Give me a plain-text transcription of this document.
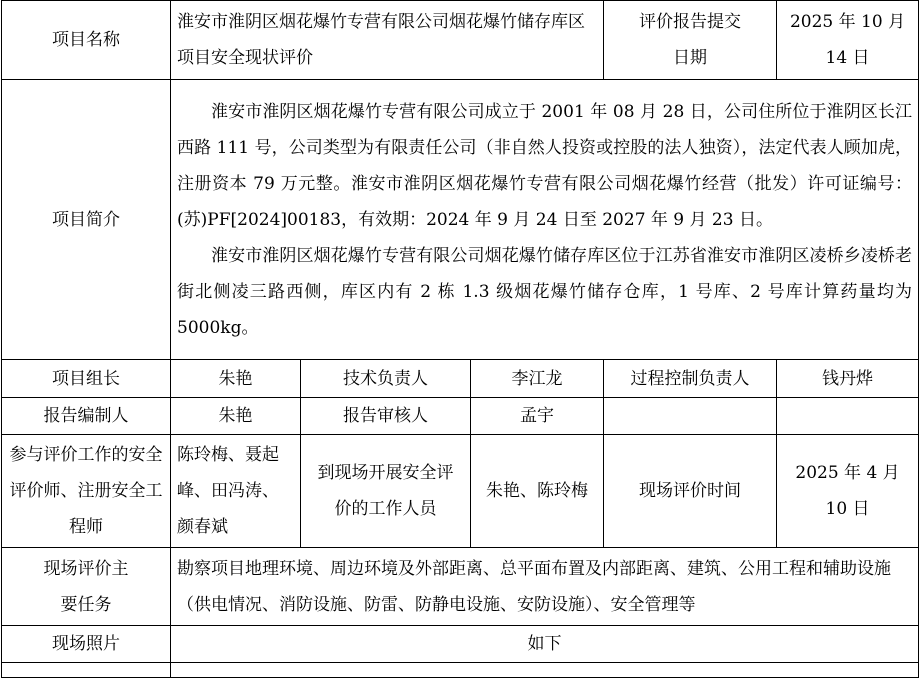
项目名称	淮安市淮阴区烟花爆竹专营有限公司烟花爆竹储存库区项目安全现状评价			评价报告提交日期	2025 年 10 月 14 日
项目简介	淮安市淮阴区烟花爆竹专营有限公司成立于 2001 年 08 月 28 日，公司住所位于淮阴区长江西路 111 号，公司类型为有限责任公司（非自然人投资或控股的法人独资），法定代表人顾加虎，注册资本 79 万元整。淮安市淮阴区烟花爆竹专营有限公司烟花爆竹经营（批发）许可证编号：(苏)PF[2024]00183，有效期：2024 年 9 月 24 日至 2027 年 9 月 23 日。

淮安市淮阴区烟花爆竹专营有限公司烟花爆竹储存库区位于江苏省淮安市淮阴区凌桥乡凌桥老街北侧凌三路西侧，库区内有 2 栋 1.3 级烟花爆竹储存仓库，1 号库、2 号库计算药量均为 5000kg。				

项目组长	朱艳	技术负责人	李江龙	过程控制负责人	钱丹烨
报告编制人	朱艳	报告审核人	孟宇		
参与评价工作的安全评价师、注册安全工程师	陈玲梅、聂起峰、田冯涛、颜春斌	到现场开展安全评价的工作人员	朱艳、陈玲梅	现场评价时间	2025 年 4 月 10 日
现场评价主要任务	勘察项目地理环境、周边环境及外部距离、总平面布置及内部距离、建筑、公用工程和辅助设施（供电情况、消防设施、防雷、防静电设施、安防设施）、安全管理等				
现场照片	如下				
